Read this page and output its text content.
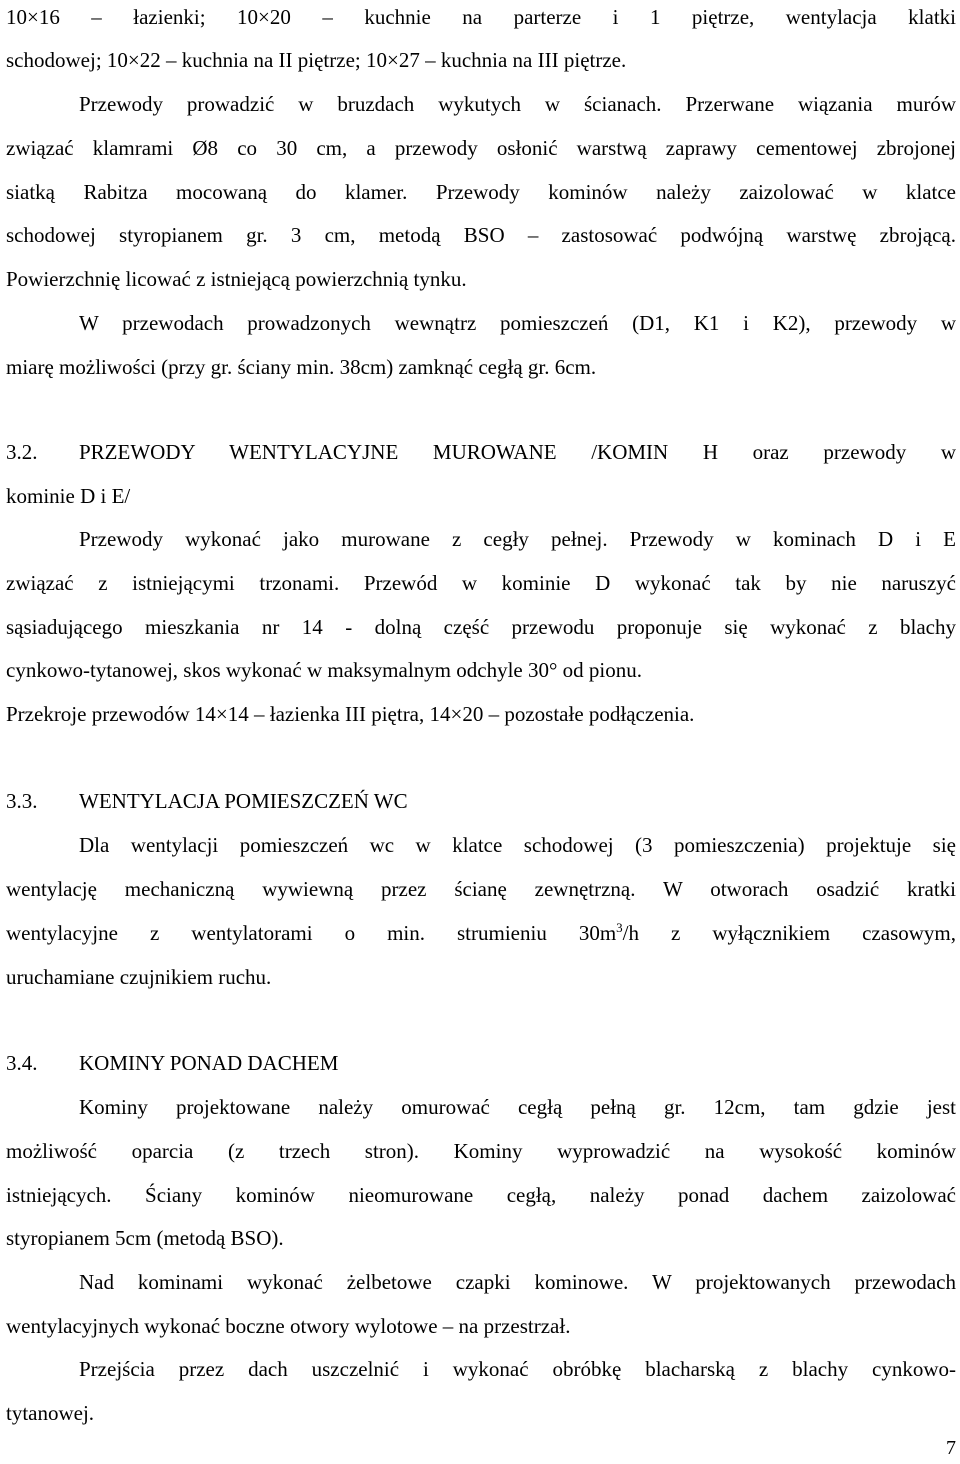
10×16 – łazienki; 10×20 – kuchnie na parterze i 1 piętrze, wentylacja klatki
schodowej; 10×22 – kuchnia na II piętrze; 10×27 – kuchnia na III piętrze.
Przewody prowadzić w bruzdach wykutych w ścianach. Przerwane wiązania murów
związać klamrami Ø8 co 30 cm, a przewody osłonić warstwą zaprawy cementowej zbrojonej
siatką Rabitza mocowaną do klamer. Przewody kominów należy zaizolować w klatce
schodowej styropianem gr. 3 cm, metodą BSO – zastosować podwójną warstwę zbrojącą.
Powierzchnię licować z istniejącą powierzchnią tynku.
W przewodach prowadzonych wewnątrz pomieszczeń (D1, K1 i K2), przewody w
miarę możliwości (przy gr. ściany min. 38cm) zamknąć cegłą gr. 6cm.
3.2. PRZEWODY WENTYLACYJNE MUROWANE /KOMIN H oraz przewody w
kominie D i E/
Przewody wykonać jako murowane z cegły pełnej. Przewody w kominach D i E
związać z istniejącymi trzonami. Przewód w kominie D wykonać tak by nie naruszyć
sąsiadującego mieszkania nr 14 - dolną część przewodu proponuje się wykonać z blachy
cynkowo-tytanowej, skos wykonać w maksymalnym odchyle 30° od pionu.
Przekroje przewodów 14×14 – łazienka III piętra, 14×20 – pozostałe podłączenia.
3.3. WENTYLACJA POMIESZCZEŃ WC
Dla wentylacji pomieszczeń wc w klatce schodowej (3 pomieszczenia) projektuje się
wentylację mechaniczną wywiewną przez ścianę zewnętrzną. W otworach osadzić kratki
wentylacyjne z wentylatorami o min. strumieniu $30m^3/h$ z wyłącznikiem czasowym,
uruchamiane czujnikiem ruchu.
3.4. KOMINY PONAD DACHEM
Kominy projektowane należy omurować cegłą pełną gr. 12cm, tam gdzie jest
możliwość oparcia (z trzech stron). Kominy wyprowadzić na wysokość kominów
istniejących. Ściany kominów nieomurowane cegłą, należy ponad dachem zaizolować
styropianem 5cm (metodą BSO).
Nad kominami wykonać żelbetowe czapki kominowe. W projektowanych przewodach
wentylacyjnych wykonać boczne otwory wylotowe – na przestrzał.
Przejścia przez dach uszczelnić i wykonać obróbkę blacharską z blachy cynkowo-
tytanowej.
7
